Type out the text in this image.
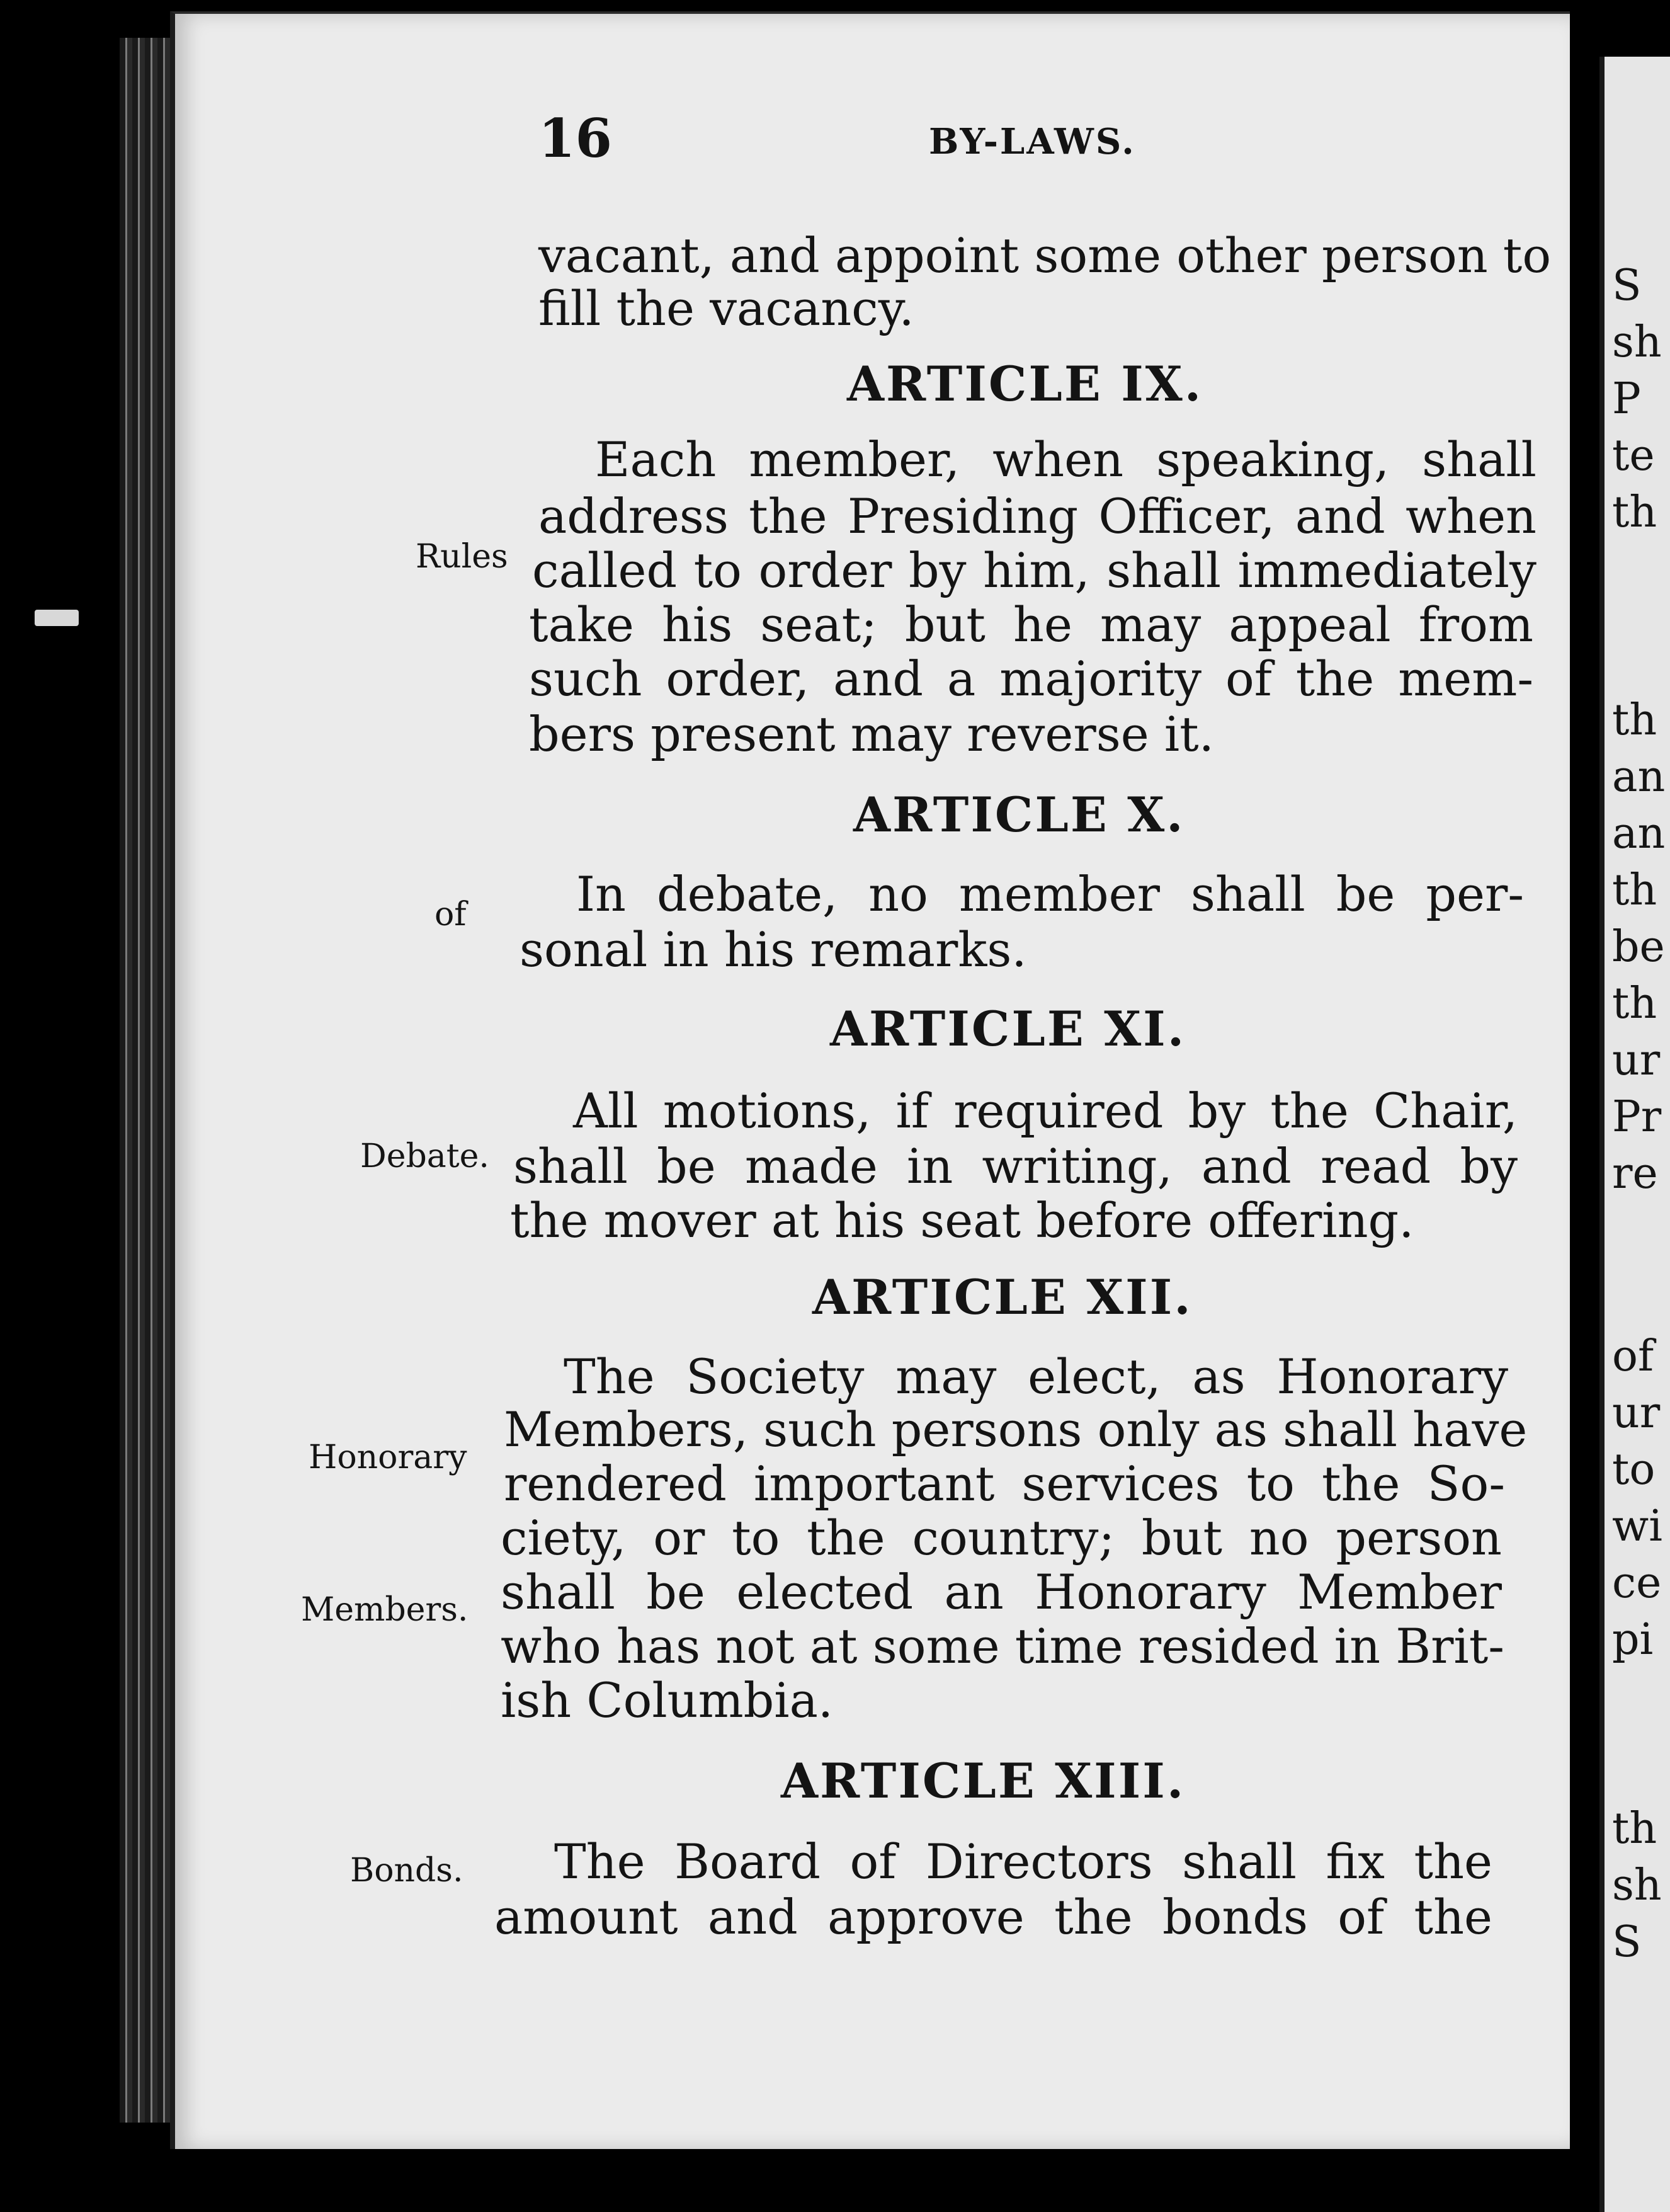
16	BY-LAWS.
vacant, and appoint some other person to
fill the vacancy.
ARTICLE IX.
Each member, when speaking, shall
address the Presiding Officer, and when
called to order by him, shall immediately
take his seat; but he may appeal from
such order, and a majority of the mem-
bers present may reverse it.
ARTICLE X.
In debate, no member shall be per-
sonal in his remarks.
ARTICLE XI.
All motions, if required by the Chair,
shall be made in writing, and read by
the mover at his seat before offering.
ARTICLE XII.
The Society may elect, as Honorary
Members, such persons only as shall have
rendered important services to the So-
ciety, or to the country; but no person
shall be elected an Honorary Member
who has not at some time resided in Brit-
ish Columbia.
ARTICLE XIII.
The Board of Directors shall fix the
amount and approve the bonds of the
Rules
of
Debate.
Honorary
Members.
Bonds.
S
sh
P
te
th
th
an
an
th
be
th
ur
Pr
re
of
ur
to
wi
ce
pi
th
sh
S
